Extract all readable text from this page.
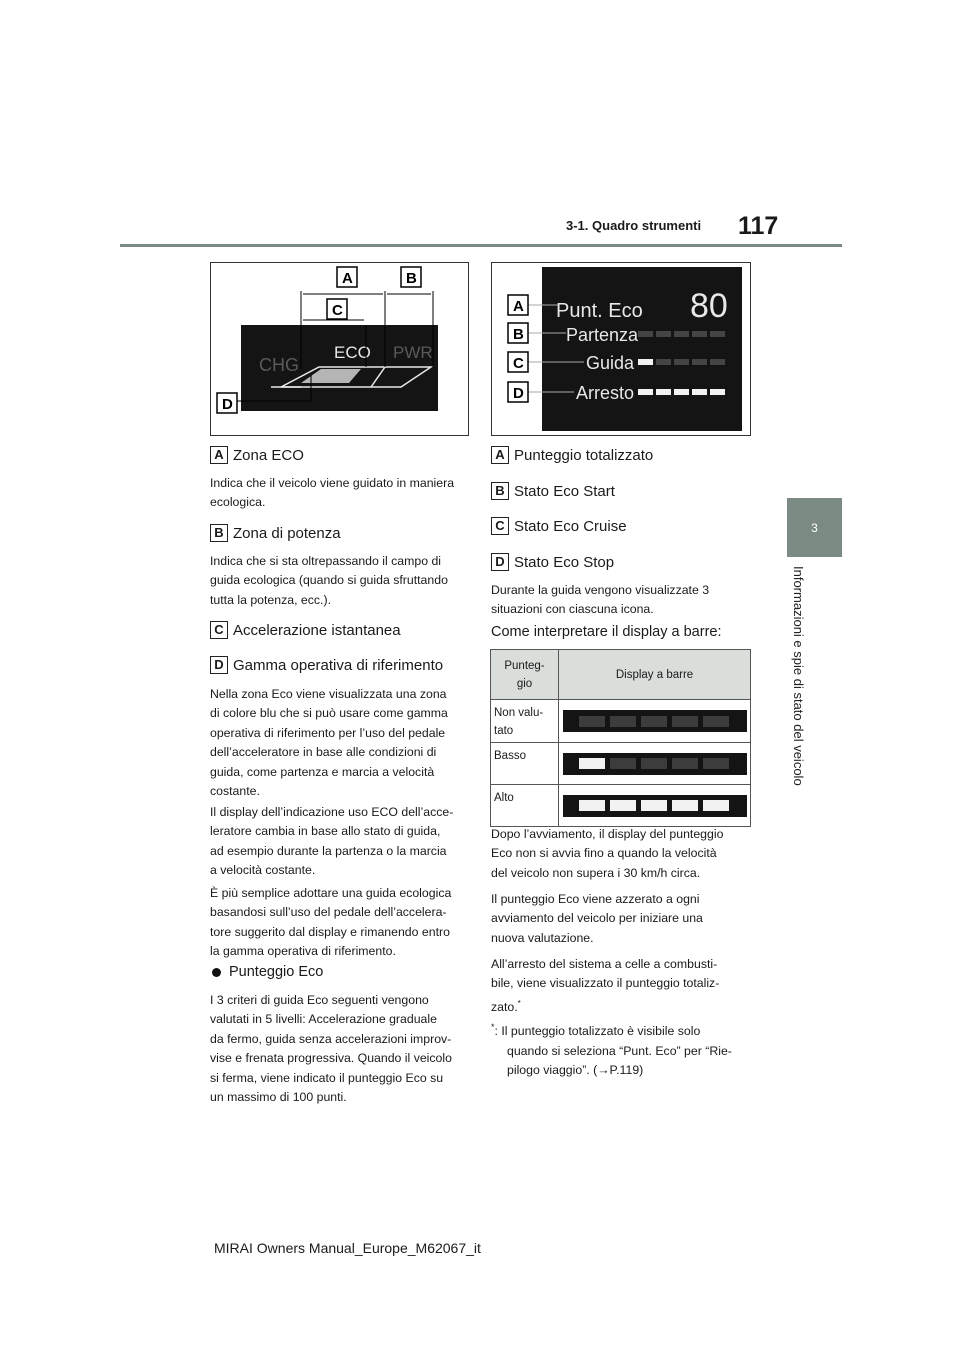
3-1. Quadro strumenti 117
3
Informazioni e spie di stato del veicolo
CHG
ECO PWR
A	B
C
D
Punt. Eco 80
Partenza
Guida
Arresto
A
B
C
D
A Zona ECO

Indica che il veicolo viene guidato in maniera
ecologica.

B Zona di potenza

Indica che si sta oltrepassando il campo di
guida ecologica (quando si guida sfruttando
tutta la potenza, ecc.).

C Accelerazione istantanea
D Gamma operativa di riferimento

Nella zona Eco viene visualizzata una zona
di colore blu che si può usare come gamma
operativa di riferimento per l’uso del pedale
dell’acceleratore in base alle condizioni di
guida, come partenza e marcia a velocità
costante.

Il display dell’indicazione uso ECO dell’acce-
leratore cambia in base allo stato di guida,
ad esempio durante la partenza o la marcia
a velocità costante.

È più semplice adottare una guida ecologica
basandosi sull’uso del pedale dell’accelera-
tore suggerito dal display e rimanendo entro
la gamma operativa di riferimento.

Punteggio Eco

I 3 criteri di guida Eco seguenti vengono
valutati in 5 livelli: Accelerazione graduale
da fermo, guida senza accelerazioni improv-
vise e frenata progressiva. Quando il veicolo
si ferma, viene indicato il punteggio Eco su
un massimo di 100 punti.

A Punteggio totalizzato
B Stato Eco Start
C Stato Eco Cruise
D Stato Eco Stop

Durante la guida vengono visualizzate 3
situazioni con ciascuna icona.

Come interpretare il display a barre:
Punteg-
gio	Display a barre
Non valu-
tato	

Basso	

Alto	

Dopo l’avviamento, il display del punteggio
Eco non si avvia fino a quando la velocità
del veicolo non supera i 30 km/h circa.

Il punteggio Eco viene azzerato a ogni
avviamento del veicolo per iniziare una
nuova valutazione.

All’arresto del sistema a celle a combusti-
bile, viene visualizzato il punteggio totaliz-
zato.*

*: Il punteggio totalizzato è visibile solo
quando si seleziona “Punt. Eco” per “Rie-
pilogo viaggio”. (→P.119)
MIRAI Owners Manual_Europe_M62067_it
